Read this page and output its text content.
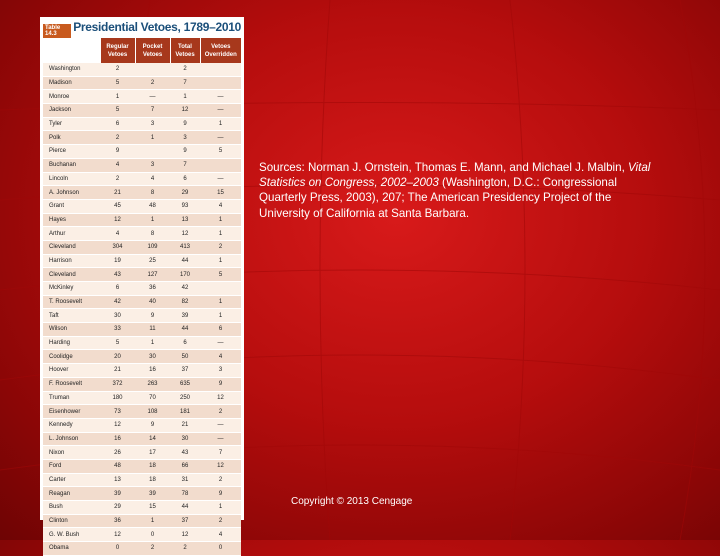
Table 14.3	Presidential Vetoes, 1789–2010
	Regular Vetoes	Pocket Vetoes	Total Vetoes	Vetoes Overridden
Washington	2		2	
Madison	5	2	7	
Monroe	1	—	1	—
Jackson	5	7	12	—
Tyler	6	3	9	1
Polk	2	1	3	—
Pierce	9		9	5
Buchanan	4	3	7	
Lincoln	2	4	6	—
A. Johnson	21	8	29	15
Grant	45	48	93	4
Hayes	12	1	13	1
Arthur	4	8	12	1
Cleveland	304	109	413	2
Harrison	19	25	44	1
Cleveland	43	127	170	5
McKinley	6	36	42	
T. Roosevelt	42	40	82	1
Taft	30	9	39	1
Wilson	33	11	44	6
Harding	5	1	6	—
Coolidge	20	30	50	4
Hoover	21	16	37	3
F. Roosevelt	372	263	635	9
Truman	180	70	250	12
Eisenhower	73	108	181	2
Kennedy	12	9	21	—
L. Johnson	16	14	30	—
Nixon	26	17	43	7
Ford	48	18	66	12
Carter	13	18	31	2
Reagan	39	39	78	9
Bush	29	15	44	1
Clinton	36	1	37	2
G. W. Bush	12	0	12	4
Obama	0	2	2	0
Sources: Norman J. Ornstein, Thomas E. Mann, and Michael J. Malbin, Vital Statistics on Congress, 2002–2003 (Washington, D.C.: Congressional Quarterly Press, 2003), 207; The American Presidency Project of the University of California at Santa Barbara.
Copyright © 2013 Cengage
